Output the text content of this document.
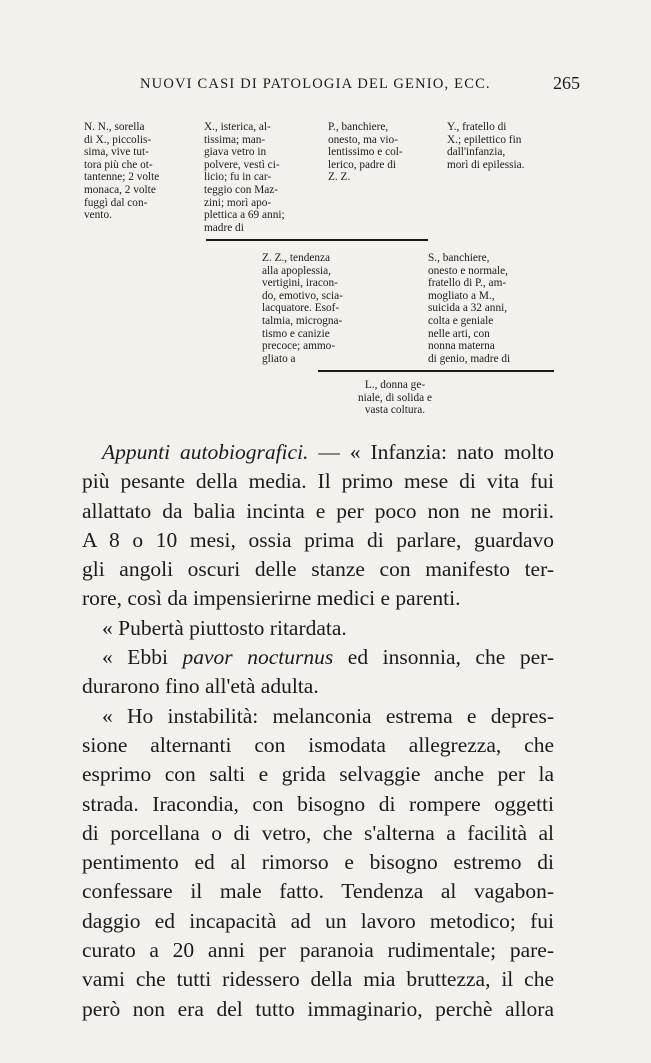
NUOVI CASI DI PATOLOGIA DEL GENIO, ECC.	265

N. N., sorella

di X., piccolis-

sima, vive tut-

tora più che ot-

tantenne; 2 volte

monaca, 2 volte

fuggì dal con-

vento.

X., isterica, al-

tissima; man-

giava vetro in

polvere, vestì ci-

licio; fu in car-

teggio con Maz-

zini; morì apo-

plettica a 69 anni;

madre di

P., banchiere,

onesto, ma vio-

lentissimo e col-

lerico, padre di

Z. Z.

Y., fratello di

X.; epilettico fin

dall'infanzia,

morì di epilessia.

Z. Z., tendenza

alla apoplessia,

vertigini, iracon-

do, emotivo, scia-

lacquatore. Esof-

talmia, microgna-

tismo e canizie

precoce; ammo-

gliato a

S., banchiere,

onesto e normale,

fratello di P., am-

mogliato a M.,

suicida a 32 anni,

colta e geniale

nelle arti, con

nonna materna

di genio, madre di

L., donna ge-

niale, di solida e

vasta coltura.

Appunti autobiografici. — « Infanzia: nato molto
più pesante della media. Il primo mese di vita fui
allattato da balia incinta e per poco non ne morii.
A 8 o 10 mesi, ossia prima di parlare, guardavo
gli angoli oscuri delle stanze con manifesto ter-
rore, così da impensierirne medici e parenti.

« Pubertà piuttosto ritardata.

« Ebbi pavor nocturnus ed insonnia, che per-
durarono fino all'età adulta.

« Ho instabilità: melanconia estrema e depres-
sione alternanti con ismodata allegrezza, che
esprimo con salti e grida selvaggie anche per la
strada. Iracondia, con bisogno di rompere oggetti
di porcellana o di vetro, che s'alterna a facilità al
pentimento ed al rimorso e bisogno estremo di
confessare il male fatto. Tendenza al vagabon-
daggio ed incapacità ad un lavoro metodico; fui
curato a 20 anni per paranoia rudimentale; pare-
vami che tutti ridessero della mia bruttezza, il che
però non era del tutto immaginario, perchè allora
